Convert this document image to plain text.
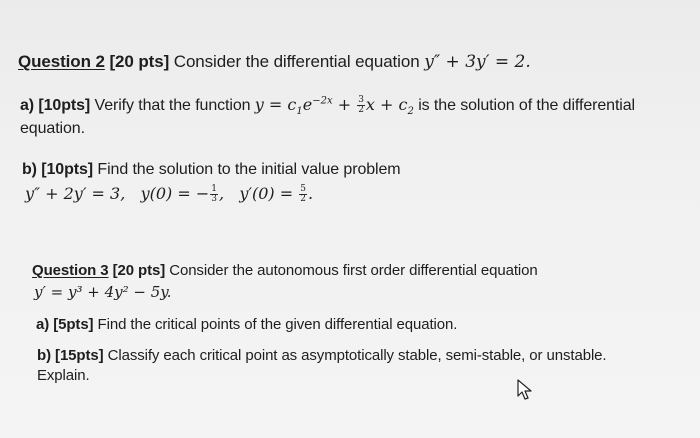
Question 2 [20 pts] Consider the differential equation y″ + 3y′ = 2.
a) [10pts] Verify that the function $y = c_1e^{-2x} + \frac{3}{2}$ $x + c_2$ is the solution of the differential
equation.
b) [10pts] Find the solution to the initial value problem
y″ + 2y′ = 3, y(0) = − $\frac{1}{3}$ ,   $y'(0) = \frac{5}{2}$ .
Question 3 [20 pts] Consider the autonomous first order differential equation
y′ = y³ + 4y² − 5y.
a) [5pts] Find the critical points of the given differential equation.
b) [15pts] Classify each critical point as asymptotically stable, semi-stable, or unstable.
Explain.
